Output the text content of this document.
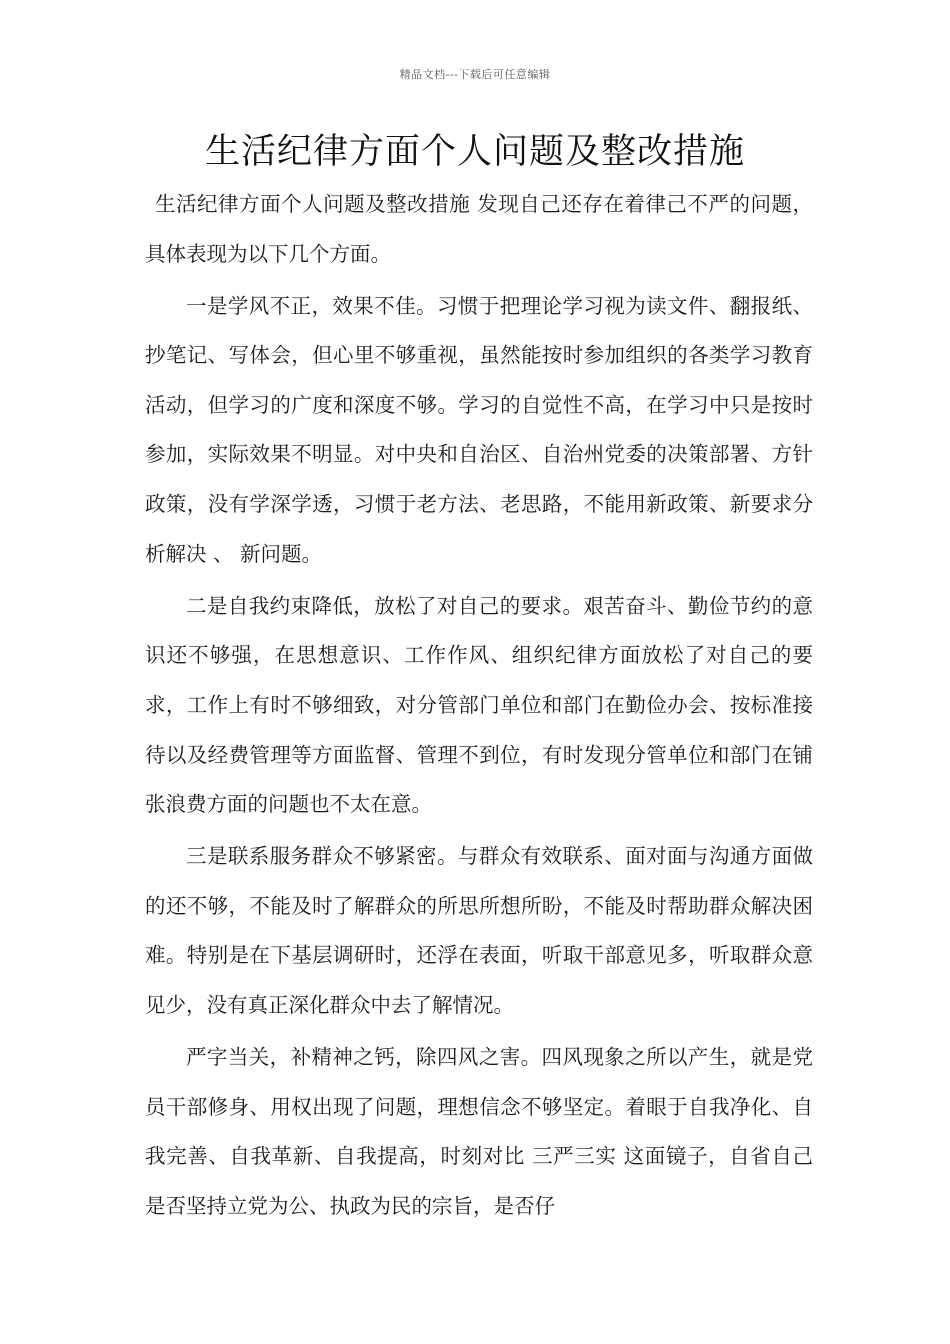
精品文档---下载后可任意编辑
生活纪律方面个人问题及整改措施

生活纪律方面个人问题及整改措施 发现自己还存在着律己不严的问题，具体表现为以下几个方面。

一是学风不正，效果不佳。习惯于把理论学习视为读文件、翻报纸、抄笔记、写体会，但心里不够重视，虽然能按时参加组织的各类学习教育活动，但学习的广度和深度不够。学习的自觉性不高，在学习中只是按时参加，实际效果不明显。对中央和自治区、自治州党委的决策部署、方针政策，没有学深学透，习惯于老方法、老思路，不能用新政策、新要求分析解决 、 新问题。

二是自我约束降低，放松了对自己的要求。艰苦奋斗、勤俭节约的意识还不够强，在思想意识、工作作风、组织纪律方面放松了对自己的要求，工作上有时不够细致，对分管部门单位和部门在勤俭办会、按标准接待以及经费管理等方面监督、管理不到位，有时发现分管单位和部门在铺张浪费方面的问题也不太在意。

三是联系服务群众不够紧密。与群众有效联系、面对面与沟通方面做的还不够，不能及时了解群众的所思所想所盼，不能及时帮助群众解决困难。特别是在下基层调研时，还浮在表面，听取干部意见多，听取群众意见少，没有真正深化群众中去了解情况。

严字当关，补精神之钙，除四风之害。四风现象之所以产生，就是党员干部修身、用权出现了问题，理想信念不够坚定。着眼于自我净化、自我完善、自我革新、自我提高，时刻对比 三严三实 这面镜子，自省自己是否坚持立党为公、执政为民的宗旨，是否仔
